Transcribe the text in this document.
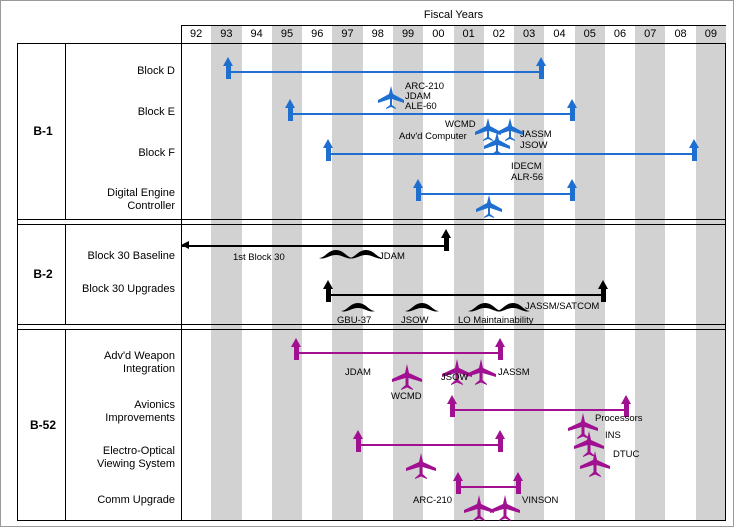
Fiscal Years
92	93	94	95	96	97	98	99	00	01	02	03	04	05	06	07	08	09
B-1
B-2
B-52
Block D
Block E
Block F
Digital Engine
Controller
Block 30 Baseline
Block 30 Upgrades
Adv'd Weapon
Integration
Avionics
Improvements
Electro-Optical
Viewing System
Comm Upgrade
ARC-210
JDAM
ALE-60
WCMD
Adv'd Computer	JASSM
JSOW
IDECM
ALR-56
1st Block 30	JDAM
GBU-37	JSOW	LO Maintainability
JASSM/SATCOM
JDAM
WCMD
JSOW	JASSM
Processors
INS
DTUC
ARC-210	VINSON
